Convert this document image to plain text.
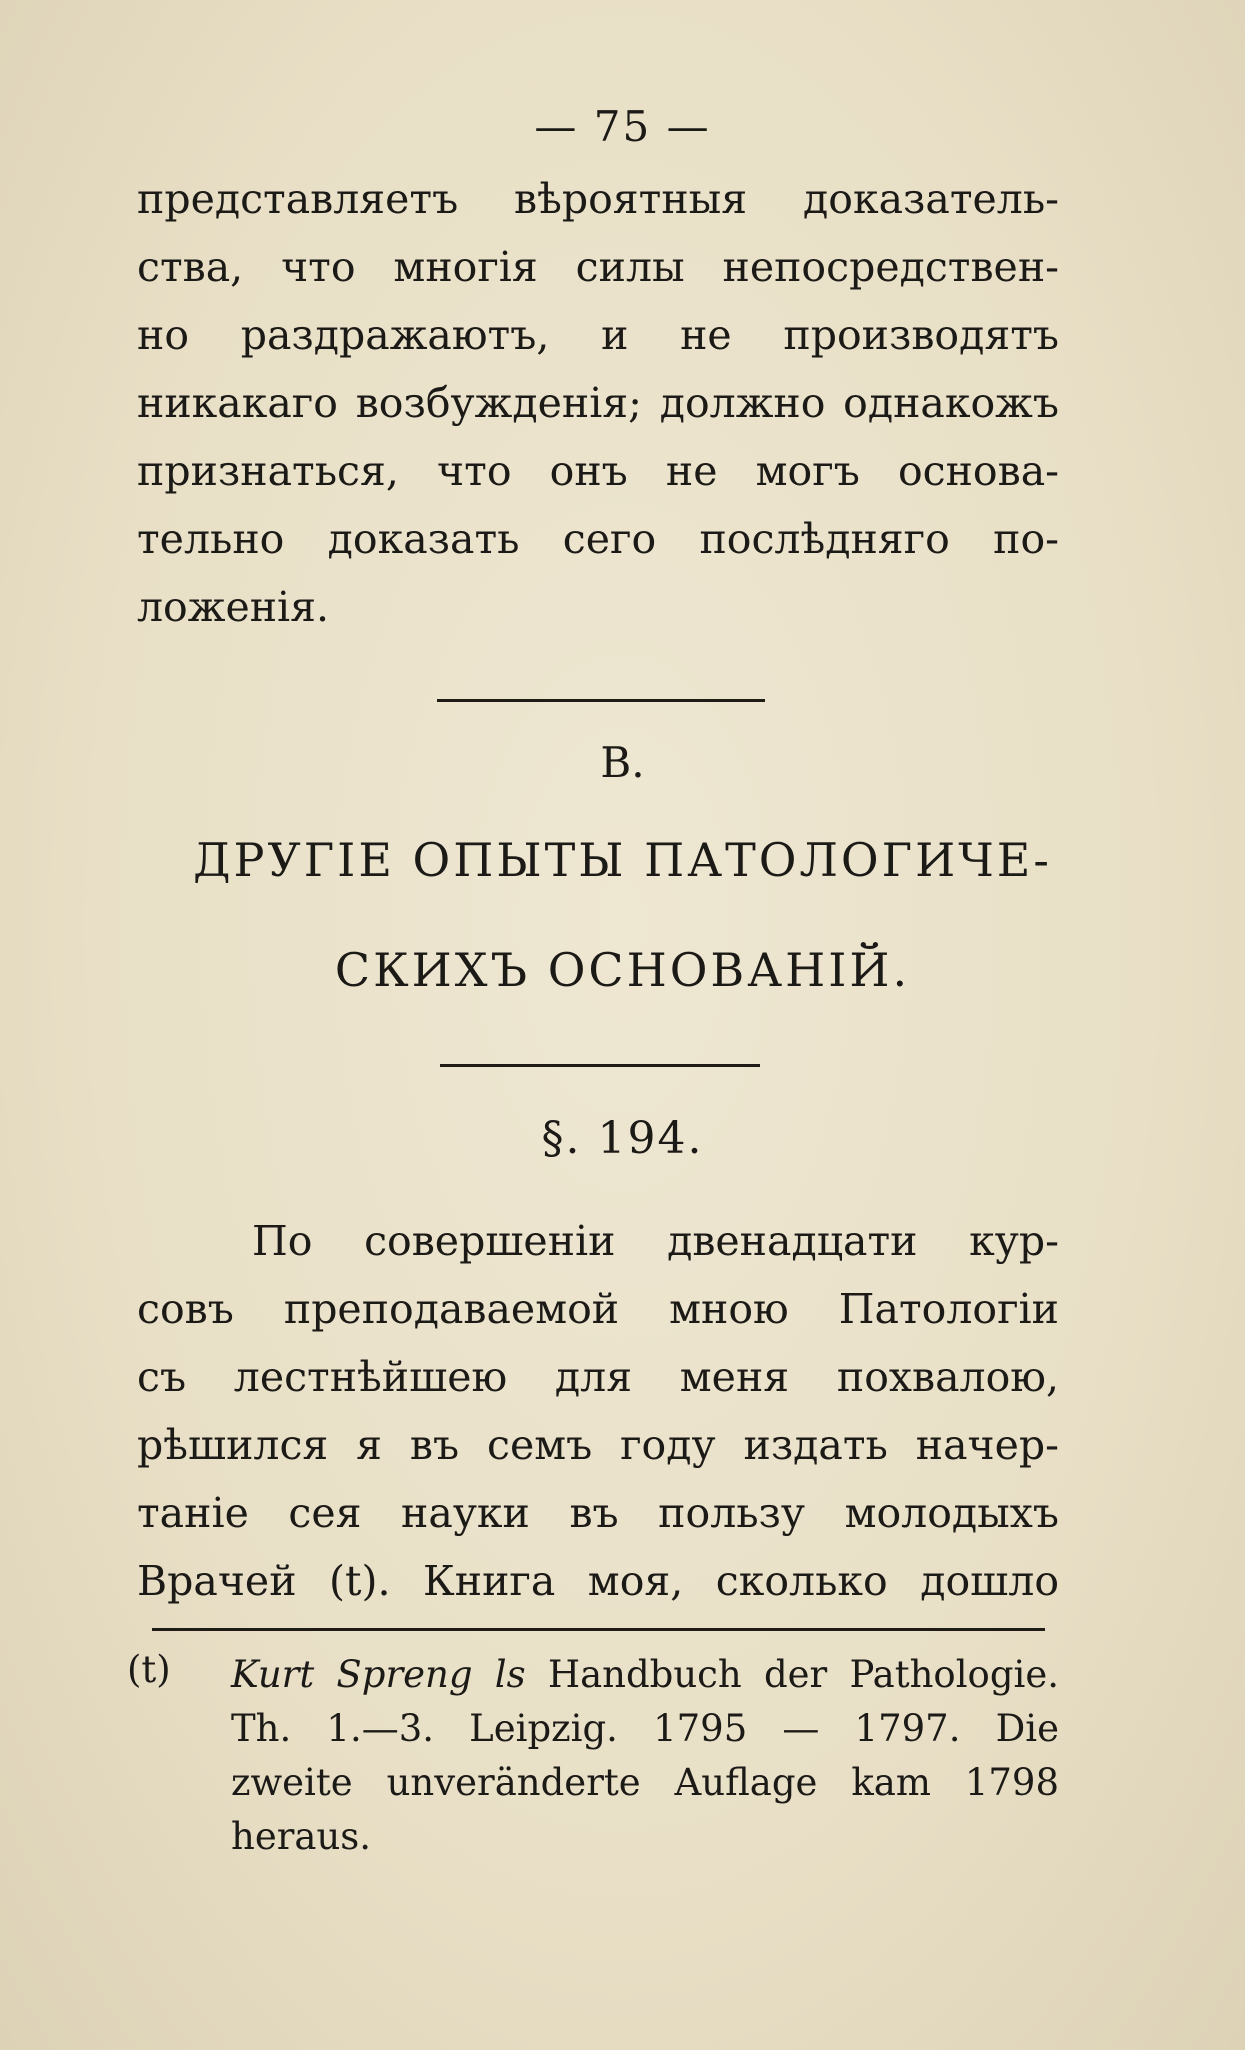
— 75 —
представляетъ вѣроятныя доказатель-
ства, что многія силы непосредствен-
но раздражаютъ, и не производятъ
никакаго возбужденія; должно однакожъ
признаться, что онъ не могъ основа-
тельно доказать сего послѣдняго по-
ложенія.
B.
ДРУГІЕ ОПЫТЫ ПАТОЛОГИЧЕ-
СКИХЪ ОСНОВАНІЙ.
§. 194.
По совершеніи двенадцати кур-
совъ преподаваемой мною Патологіи
съ лестнѣйшею для меня похвалою,
рѣшился я въ семъ году издать начер-
таніе сея науки въ пользу молодыхъ
Врачей (t). Книга моя, сколько дошло
(t) Kurt Spreng ls Handbuch der Pathologie.
Th. 1.—3. Leipzig. 1795 — 1797. Die
zweite unveränderte Auflage kam 1798
heraus.
